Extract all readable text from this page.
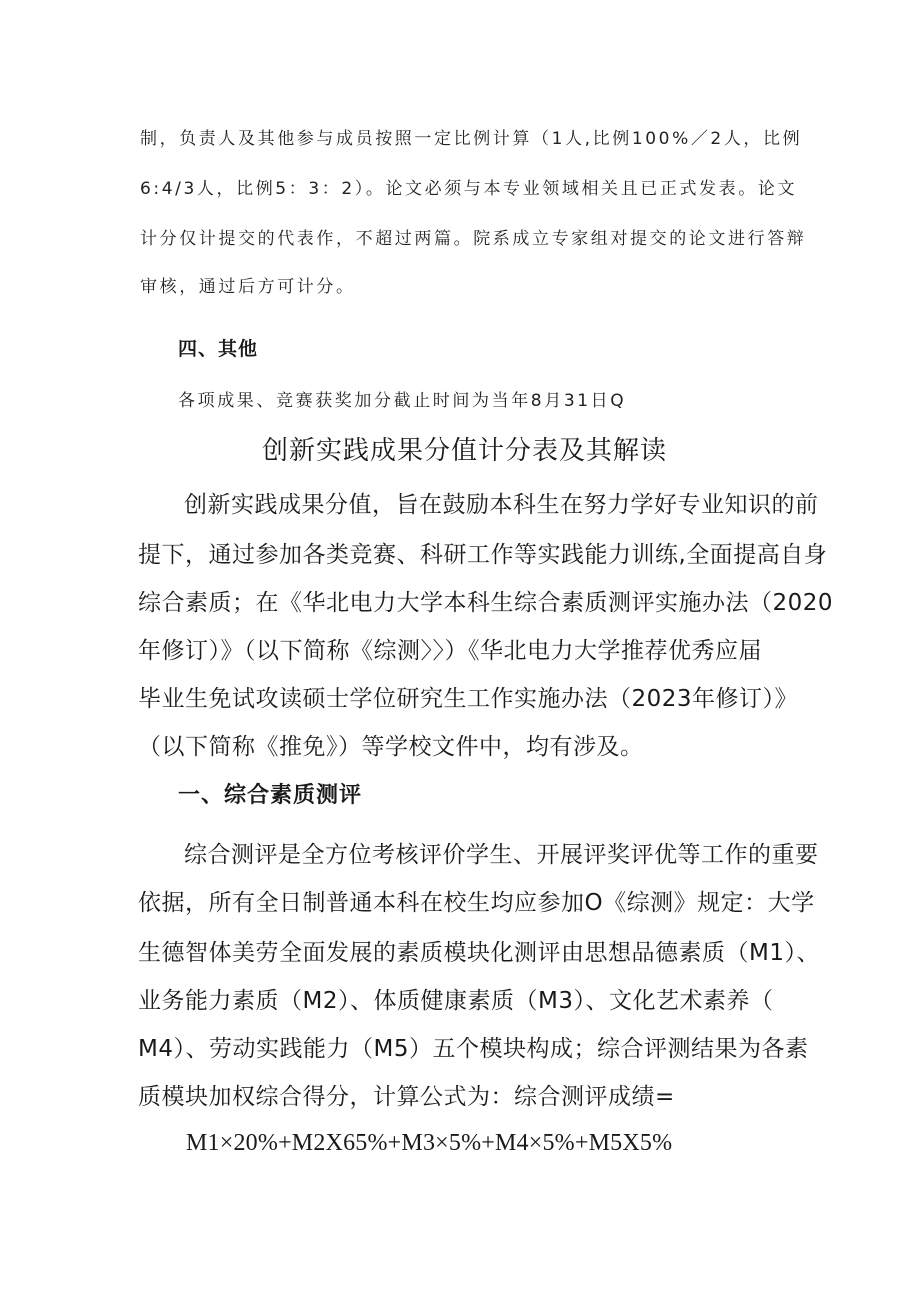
制，负责人及其他参与成员按照一定比例计算（1人,比例100%／2人，比例

6:4/3人，比例5：3：2）。论文必须与本专业领域相关且已正式发表。论文

计分仅计提交的代表作，不超过两篇。院系成立专家组对提交的论文进行答辩

审核，通过后方可计分。

四、其他

各项成果、竞赛获奖加分截止时间为当年8月31日Q

创新实践成果分值计分表及其解读

创新实践成果分值，旨在鼓励本科生在努力学好专业知识的前

提下，通过参加各类竞赛、科研工作等实践能力训练,全面提高自身

综合素质；在《华北电力大学本科生综合素质测评实施办法（2020

年修订）》（以下简称《综测〉〉）《华北电力大学推荐优秀应届

毕业生免试攻读硕士学位研究生工作实施办法（2023年修订）》

（以下简称《推免》）等学校文件中，均有涉及。

一、综合素质测评

综合测评是全方位考核评价学生、开展评奖评优等工作的重要

依据，所有全日制普通本科在校生均应参加O《综测》规定：大学

生德智体美劳全面发展的素质模块化测评由思想品德素质（M1）、

业务能力素质（M2）、体质健康素质（M3）、文化艺术素养（

M4）、劳动实践能力（M5）五个模块构成；综合评测结果为各素

质模块加权综合得分，计算公式为：综合测评成绩=

M1×20%+M2X65%+M3×5%+M4×5%+M5X5%
